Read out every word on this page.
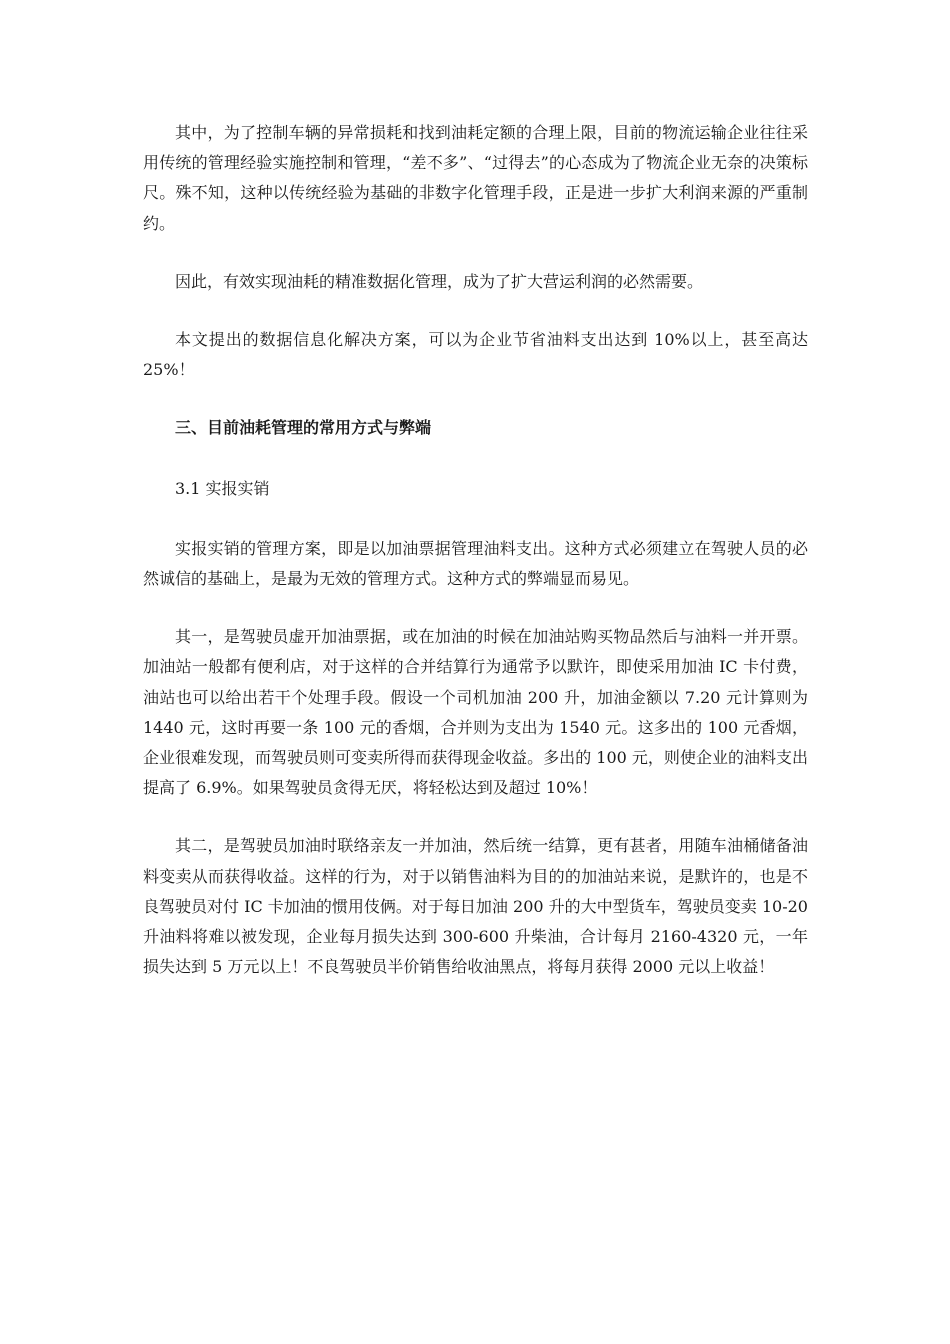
其中，为了控制车辆的异常损耗和找到油耗定额的合理上限，目前的物流运输企业往往采用传统的管理经验实施控制和管理，“差不多”、“过得去”的心态成为了物流企业无奈的决策标尺。殊不知，这种以传统经验为基础的非数字化管理手段，正是进一步扩大利润来源的严重制约。

因此，有效实现油耗的精准数据化管理，成为了扩大营运利润的必然需要。

本文提出的数据信息化解决方案，可以为企业节省油料支出达到 10%以上，甚至高达 25%！

三、目前油耗管理的常用方式与弊端

3.1 实报实销

实报实销的管理方案，即是以加油票据管理油料支出。这种方式必须建立在驾驶人员的必然诚信的基础上，是最为无效的管理方式。这种方式的弊端显而易见。

其一，是驾驶员虚开加油票据，或在加油的时候在加油站购买物品然后与油料一并开票。加油站一般都有便利店，对于这样的合并结算行为通常予以默许，即使采用加油 IC 卡付费，油站也可以给出若干个处理手段。假设一个司机加油 200 升，加油金额以 7.20 元计算则为 1440 元，这时再要一条 100 元的香烟，合并则为支出为 1540 元。这多出的 100 元香烟，企业很难发现，而驾驶员则可变卖所得而获得现金收益。多出的 100 元，则使企业的油料支出提高了 6.9%。如果驾驶员贪得无厌，将轻松达到及超过 10%！

其二，是驾驶员加油时联络亲友一并加油，然后统一结算，更有甚者，用随车油桶储备油料变卖从而获得收益。这样的行为，对于以销售油料为目的的加油站来说，是默许的，也是不良驾驶员对付 IC 卡加油的惯用伎俩。对于每日加油 200 升的大中型货车，驾驶员变卖 10-20 升油料将难以被发现，企业每月损失达到 300-600 升柴油，合计每月 2160-4320 元，一年损失达到 5 万元以上！不良驾驶员半价销售给收油黑点，将每月获得 2000 元以上收益！
